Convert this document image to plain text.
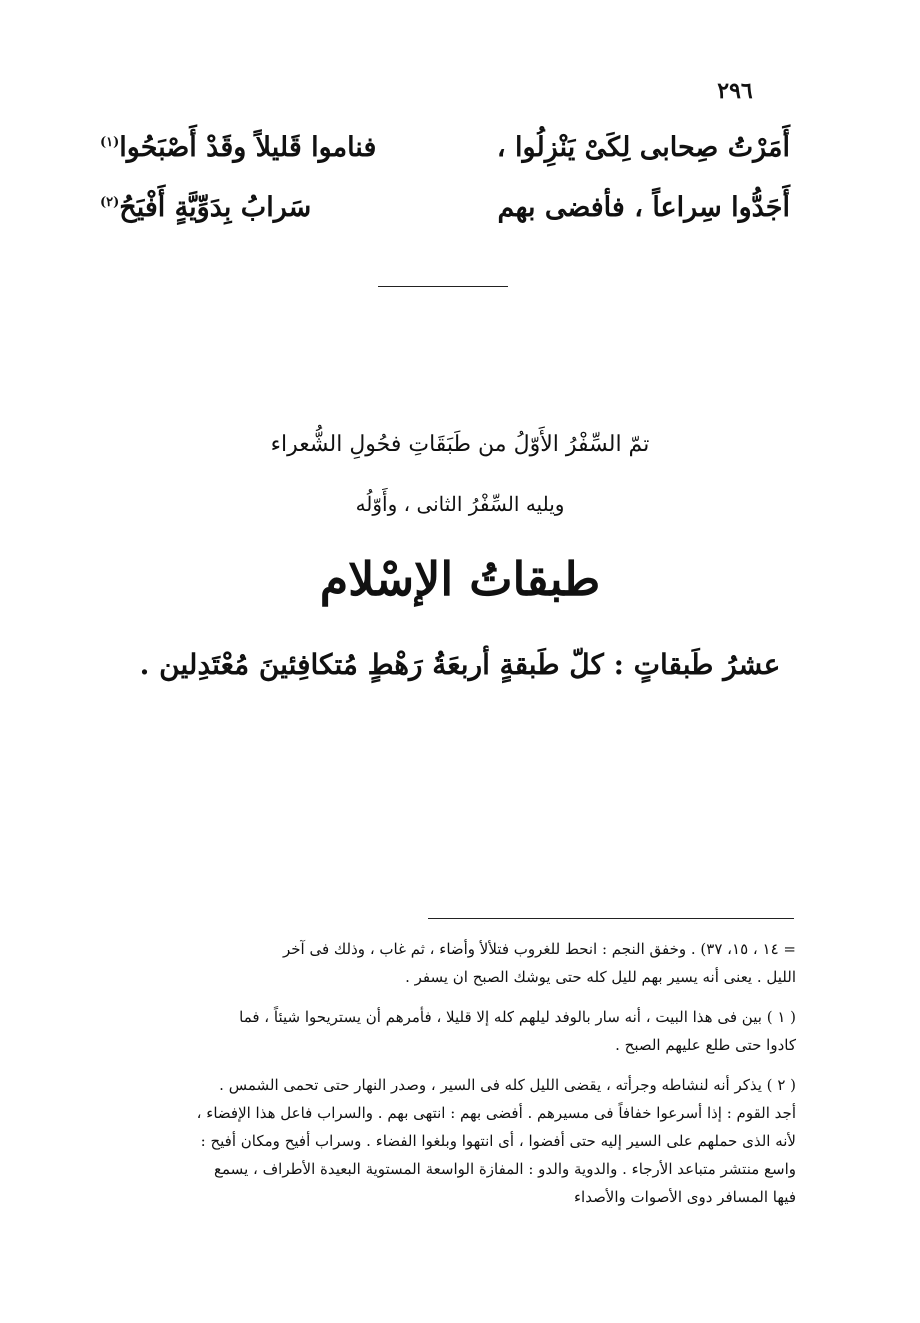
٢٩٦
أَمَرْتُ صِحابى لِكَىْ يَنْزِلُوا ،
فناموا قَليلاً وقَدْ أَصْبَحُوا$^{(١)}$
أَجَدُّوا سِراعاً ، فأفضى بهم
سَرابُ بِدَوِّيَّةٍ أَفْيَحُ$^{(٢)}$
تمّ السِّفْرُ الأَوّلُ من طَبَقَاتِ فحُولِ الشُّعراء
ويليه السِّفْرُ الثانى ، وأَوّلُه
طبقاتُ الإسْلام
عشرُ طَبقاتٍ : كلّ طَبقةٍ أربعَةُ رَهْطٍ مُتكافِئينَ مُعْتَدِلين .

= ١٤ ، ١٥، ٣٧) . وخفق النجم : انحط للغروب فتلألأ وأضاء ، ثم غاب ، وذلك فى آخر

الليل . يعنى أنه يسير بهم لليل كله حتى يوشك الصبح ان يسفر .

( ١ ) بين فى هذا البيت ، أنه سار بالوفد ليلهم كله إلا قليلا ، فأمرهم أن يستريحوا شيئاً ، فما

كادوا حتى طلع عليهم الصبح .

( ٢ ) يذكر أنه لنشاطه وجرأته ، يقضى الليل كله فى السير ، وصدر النهار حتى تحمى الشمس .

أجد القوم : إذا أسرعوا خفافاً فى مسيرهم . أفضى بهم : انتهى بهم . والسراب فاعل هذا الإفضاء ،

لأنه الذى حملهم على السير إليه حتى أفضوا ، أى انتهوا وبلغوا الفضاء . وسراب أفيح ومكان أفيح :

واسع منتشر متباعد الأرجاء . والدوية والدو : المفازة الواسعة المستوية البعيدة الأطراف ، يسمع

فيها المسافر دوى الأصوات والأصداء
